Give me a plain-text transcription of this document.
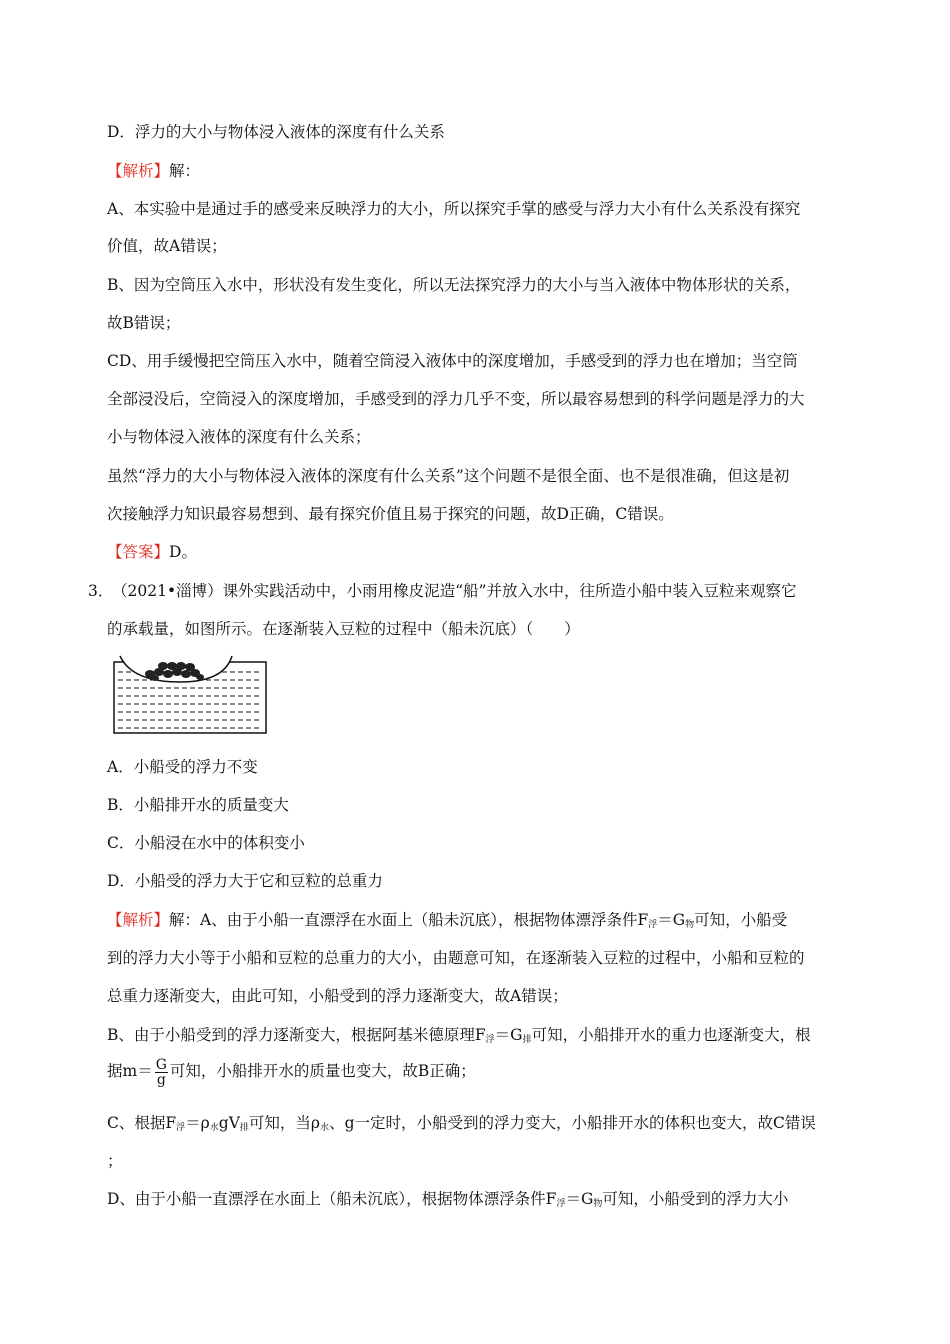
D．浮力的大小与物体浸入液体的深度有什么关系
【解析】解：
A、本实验中是通过手的感受来反映浮力的大小，所以探究手掌的感受与浮力大小有什么关系没有探究
价值，故A错误；
B、因为空筒压入水中，形状没有发生变化，所以无法探究浮力的大小与当入液体中物体形状的关系，
故B错误；
CD、用手缓慢把空筒压入水中，随着空筒浸入液体中的深度增加，手感受到的浮力也在增加；当空筒
全部浸没后，空筒浸入的深度增加，手感受到的浮力几乎不变，所以最容易想到的科学问题是浮力的大
小与物体浸入液体的深度有什么关系；
虽然“浮力的大小与物体浸入液体的深度有什么关系”这个问题不是很全面、也不是很准确，但这是初
次接触浮力知识最容易想到、最有探究价值且易于探究的问题，故D正确，C错误。
【答案】D。
3．
（2021•淄博）课外实践活动中，小雨用橡皮泥造“船”并放入水中，往所造小船中装入豆粒来观察它
的承载量，如图所示。在逐渐装入豆粒的过程中（船未沉底）（　　）
A．小船受的浮力不变
B．小船排开水的质量变大
C．小船浸在水中的体积变小
D．小船受的浮力大于它和豆粒的总重力
【解析】解：A、由于小船一直漂浮在水面上（船未沉底），根据物体漂浮条件$F_浮=G_物$可知，小船受
到的浮力大小等于小船和豆粒的总重力的大小，由题意可知，在逐渐装入豆粒的过程中，小船和豆粒的
总重力逐渐变大，由此可知，小船受到的浮力逐渐变大，故A错误；
B、由于小船受到的浮力逐渐变大，根据阿基米德原理$F_浮=G_排$可知，小船排开水的重力也逐渐变大，根
据$m= \frac{G}{g}$ 可知，小船排开水的质量也变大，故B正确；
C、根据$F_浮=\rho_水gV_排$可知，当$\rho_水$、g一定时，小船受到的浮力变大，小船排开水的体积也变大，故C错误
；
D、由于小船一直漂浮在水面上（船未沉底），根据物体漂浮条件$F_浮=G_物$可知，小船受到的浮力大小
